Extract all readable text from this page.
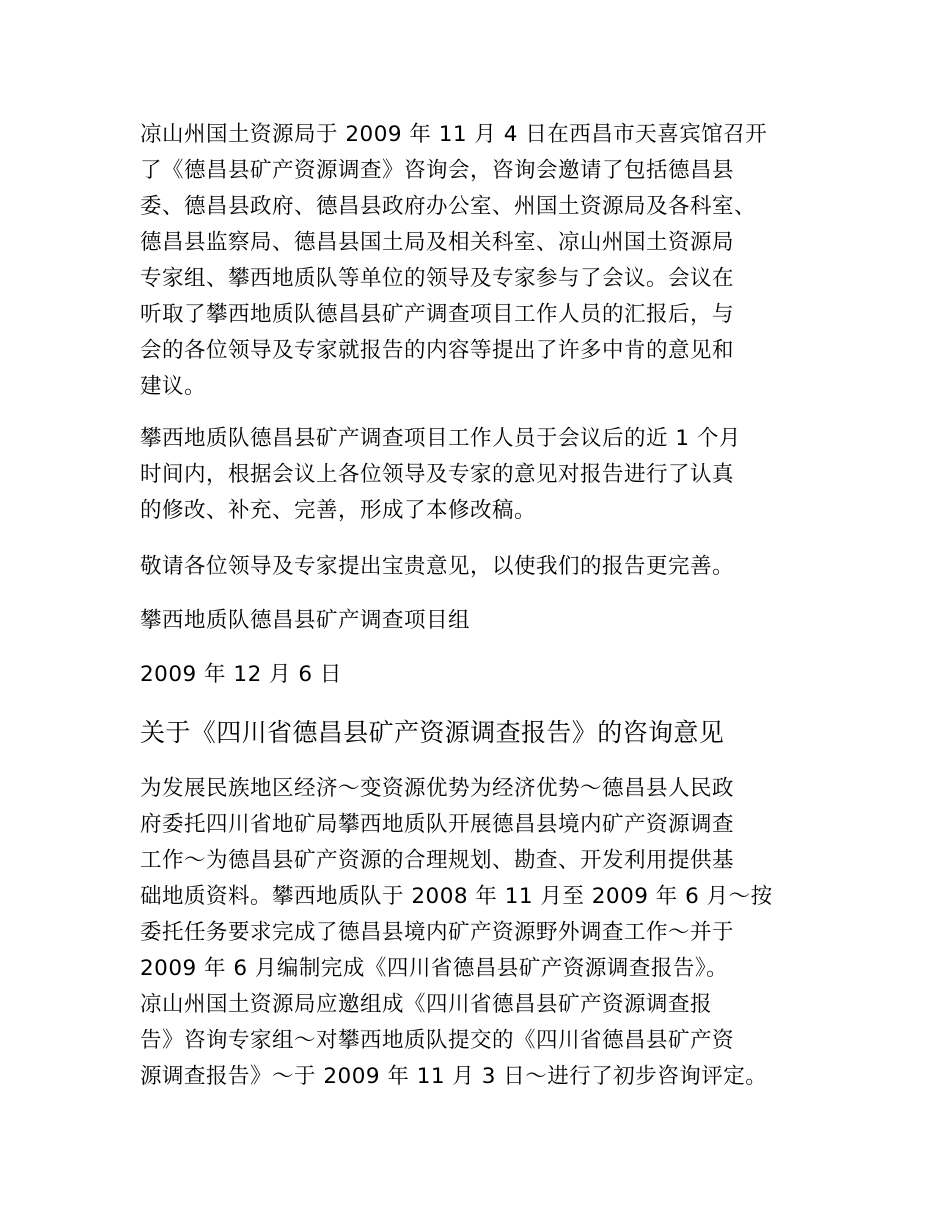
凉山州国土资源局于 2009 年 11 月 4 日在西昌市天喜宾馆召开
了《德昌县矿产资源调查》咨询会，咨询会邀请了包括德昌县
委、德昌县政府、德昌县政府办公室、州国土资源局及各科室、
德昌县监察局、德昌县国土局及相关科室、凉山州国土资源局
专家组、攀西地质队等单位的领导及专家参与了会议。会议在
听取了攀西地质队德昌县矿产调查项目工作人员的汇报后，与
会的各位领导及专家就报告的内容等提出了许多中肯的意见和
建议。
攀西地质队德昌县矿产调查项目工作人员于会议后的近 1 个月
时间内，根据会议上各位领导及专家的意见对报告进行了认真
的修改、补充、完善，形成了本修改稿。
敬请各位领导及专家提出宝贵意见，以使我们的报告更完善。
攀西地质队德昌县矿产调查项目组
2009 年 12 月 6 日
关于《四川省德昌县矿产资源调查报告》的咨询意见
为发展民族地区经济～变资源优势为经济优势～德昌县人民政
府委托四川省地矿局攀西地质队开展德昌县境内矿产资源调查
工作～为德昌县矿产资源的合理规划、勘查、开发利用提供基
础地质资料。攀西地质队于 2008 年 11 月至 2009 年 6 月～按
委托任务要求完成了德昌县境内矿产资源野外调查工作～并于
2009 年 6 月编制完成《四川省德昌县矿产资源调查报告》。
凉山州国土资源局应邀组成《四川省德昌县矿产资源调查报
告》咨询专家组～对攀西地质队提交的《四川省德昌县矿产资
源调查报告》～于 2009 年 11 月 3 日～进行了初步咨询评定。
